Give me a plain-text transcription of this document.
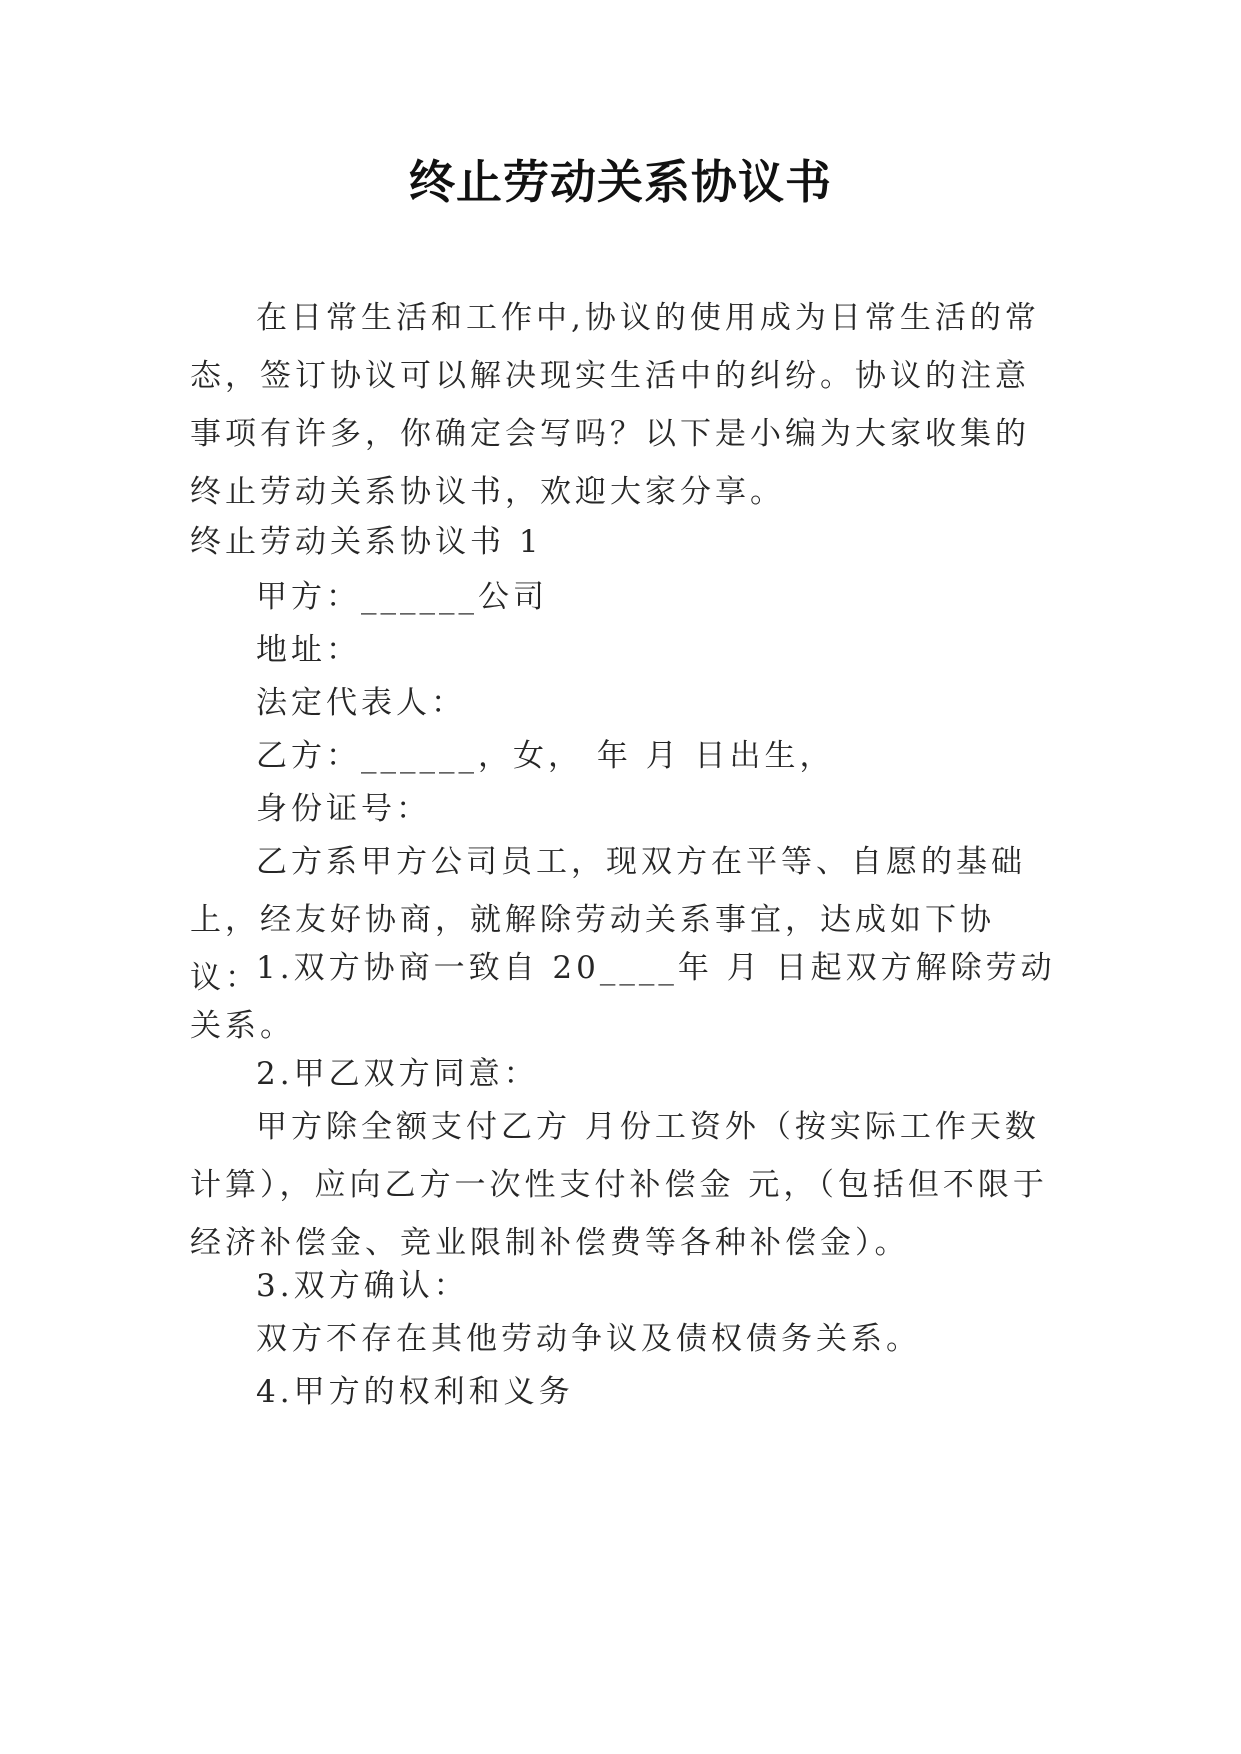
终止劳动关系协议书

在日常生活和工作中,协议的使用成为日常生活的常态，签订协议可以解决现实生活中的纠纷。协议的注意事项有许多，你确定会写吗？以下是小编为大家收集的终止劳动关系协议书，欢迎大家分享。

终止劳动关系协议书 1

甲方：______公司

地址：

法定代表人：

乙方：______，女， 年 月 日出生，

身份证号：

乙方系甲方公司员工，现双方在平等、自愿的基础上，经友好协商，就解除劳动关系事宜，达成如下协议：

1.双方协商一致自 20____年 月 日起双方解除劳动关系。

2.甲乙双方同意：

甲方除全额支付乙方 月份工资外（按实际工作天数计算），应向乙方一次性支付补偿金 元，（包括但不限于经济补偿金、竞业限制补偿费等各种补偿金）。

3.双方确认：

双方不存在其他劳动争议及债权债务关系。

4.甲方的权利和义务
